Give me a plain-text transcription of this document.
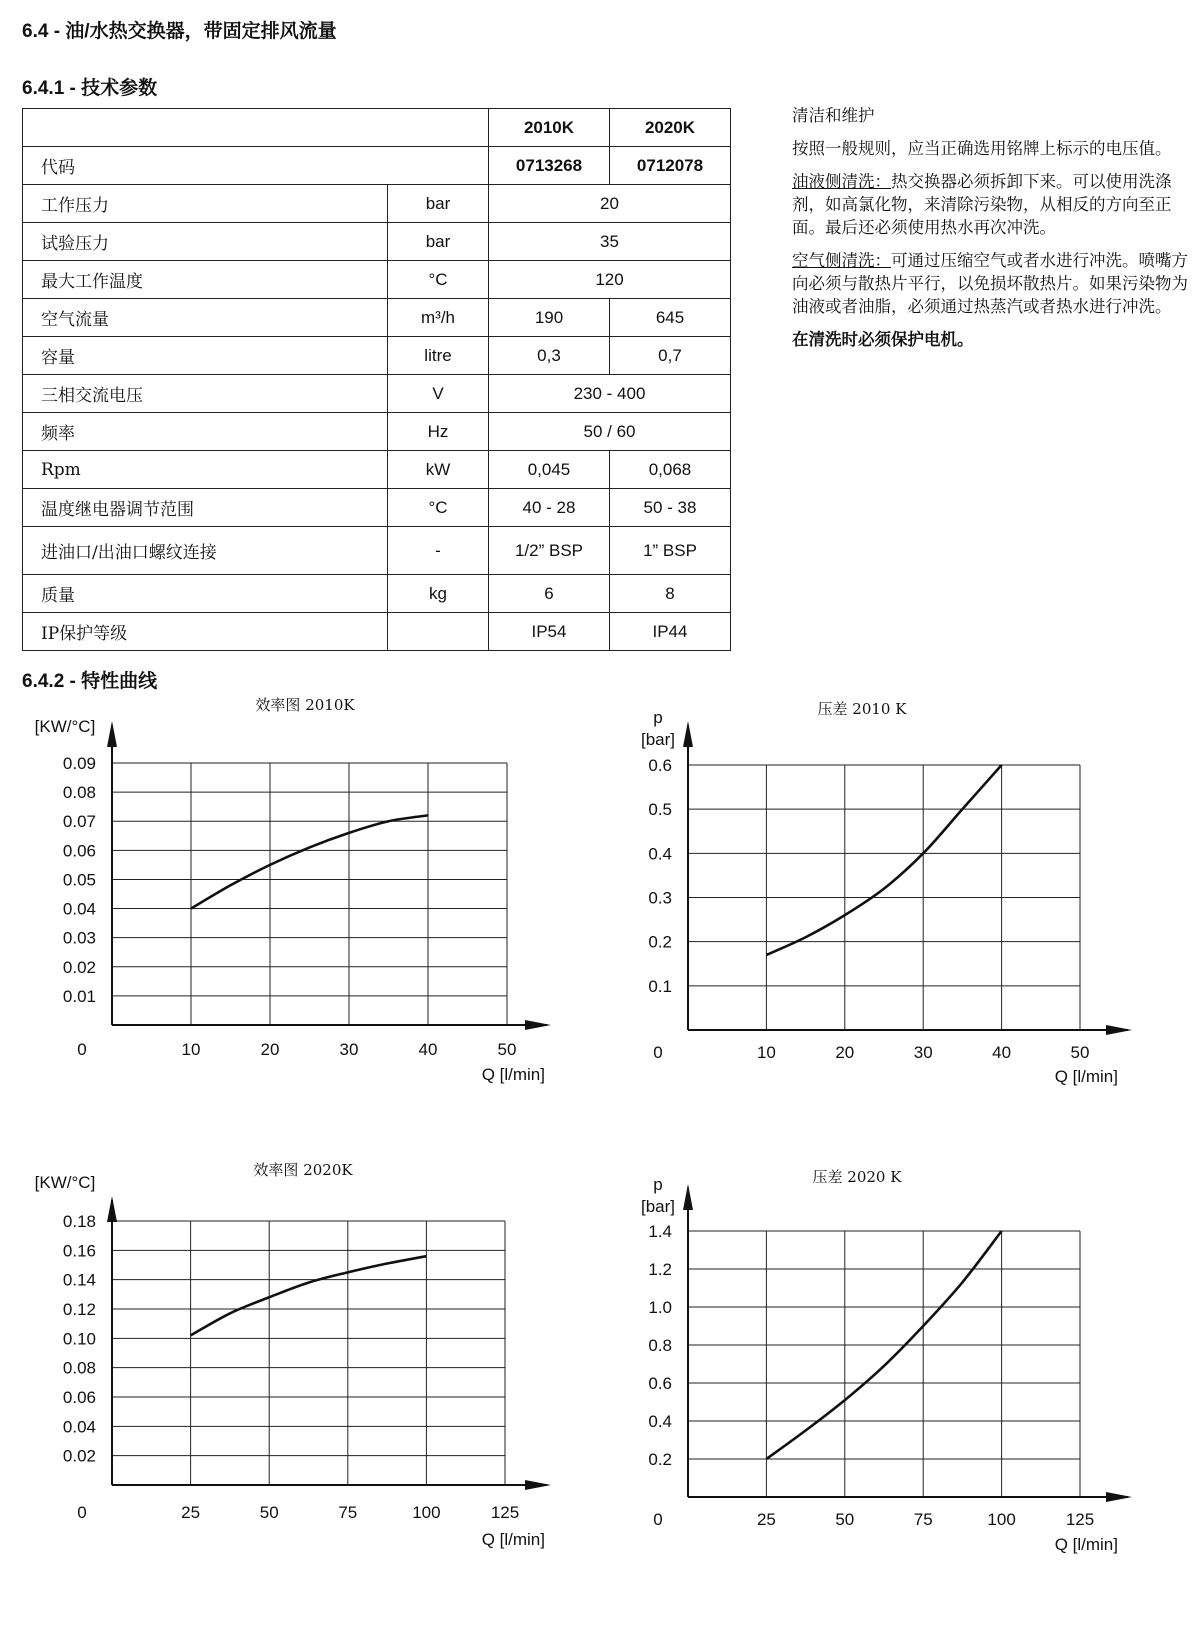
6.4 - 油/水热交换器，带固定排风流量
6.4.1 - 技术参数
		2010K	2020K
代码		0713268	0712078
工作压力	bar	20	
试验压力	bar	35	
最大工作温度	°C	120	
空气流量	m³/h	190	645
容量	litre	0,3	0,7
三相交流电压	V	230 - 400	
频率	Hz	50 / 60	
Rpm	kW	0,045	0,068
温度继电器调节范围	°C	40 - 28	50 - 38
进油口/出油口螺纹连接	-	1/2” BSP	1” BSP
质量	kg	6	8
IP保护等级		IP54	IP44

清洁和维护

按照一般规则，应当正确选用铭牌上标示的电压值。

油液侧清洗：热交换器必须拆卸下来。可以使用洗涤剂，如高氯化物，来清除污染物，从相反的方向至正面。最后还必须使用热水再次冲洗。

空气侧清洗：可通过压缩空气或者水进行冲洗。喷嘴方向必须与散热片平行，以免损坏散热片。如果污染物为油液或者油脂，必须通过热蒸汽或者热水进行冲洗。

在清洗时必须保护电机。

6.4.2 - 特性曲线
0.01
0.02
0.03
0.04
0.05
0.06
0.07
0.08
0.09
0	10	20	30	40	50
效率图 2010K
[KW/°C]
Q [l/min]
0.1
0.2
0.3
0.4
0.5
0.6
0	10	20	30	40	50
压差 2010 K
p
[bar]
Q [l/min]
0.02
0.04
0.06
0.08
0.10
0.12
0.14
0.16
0.18
0	25	50	75	100	125
效率图 2020K
[KW/°C]
Q [l/min]
0.2
0.4
0.6
0.8
1.0
1.2
1.4
0	25	50	75	100	125
压差 2020 K
p
[bar]
Q [l/min]
